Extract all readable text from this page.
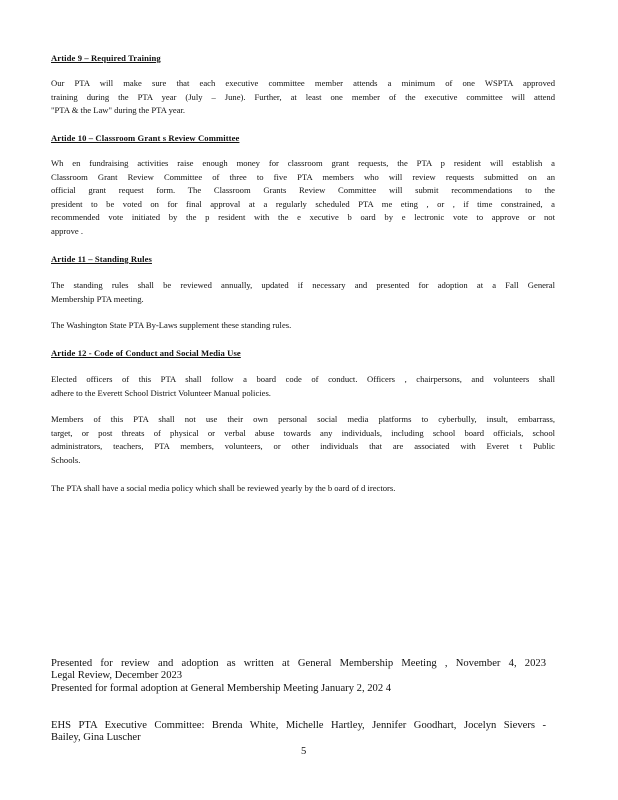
Artide 9 – Required Training

Our PTA will make sure that each executive committee member attends a minimum of one WSPTA approved

training during the PTA year (July – June). Further, at least one member of the executive committee will attend

"PTA & the Law" during the PTA year.

Artide 10 – Classroom Grant s Review Committee

Wh en fundraising activities raise enough money for classroom grant requests, the PTA p resident will establish a

Classroom Grant Review Committee of three to five PTA members who will review requests submitted on an

official grant request form. The Classroom Grants Review Committee will submit recommendations to the

president to be voted on for final approval at a regularly scheduled PTA me eting , or , if time constrained, a

recommended vote initiated by the p resident with the e xecutive b oard by e lectronic vote to approve or not

approve .

Artide 11 – Standing Rules

The standing rules shall be reviewed annually, updated if necessary and presented for adoption at a Fall General

Membership PTA meeting.

The Washington State PTA By-Laws supplement these standing rules.

Artide 12 - Code of Conduct and Social Media Use

Elected officers of this PTA shall follow a board code of conduct. Officers , chairpersons, and volunteers shall

adhere to the Everett School District Volunteer Manual policies.

Members of this PTA shall not use their own personal social media platforms to cyberbully, insult, embarrass,

target, or post threats of physical or verbal abuse towards any individuals, including school board officials, school

administrators, teachers, PTA members, volunteers, or other individuals that are associated with Everet t Public

Schools.

The PTA shall have a social media policy which shall be reviewed yearly by the b oard of d irectors.

Presented for review and adoption as written at General Membership Meeting , November 4, 2023

Legal Review, December 2023

Presented for formal adoption at General Membership Meeting January 2, 202 4

EHS PTA Executive Committee: Brenda White, Michelle Hartley, Jennifer Goodhart, Jocelyn Sievers -

Bailey, Gina Luscher

5
